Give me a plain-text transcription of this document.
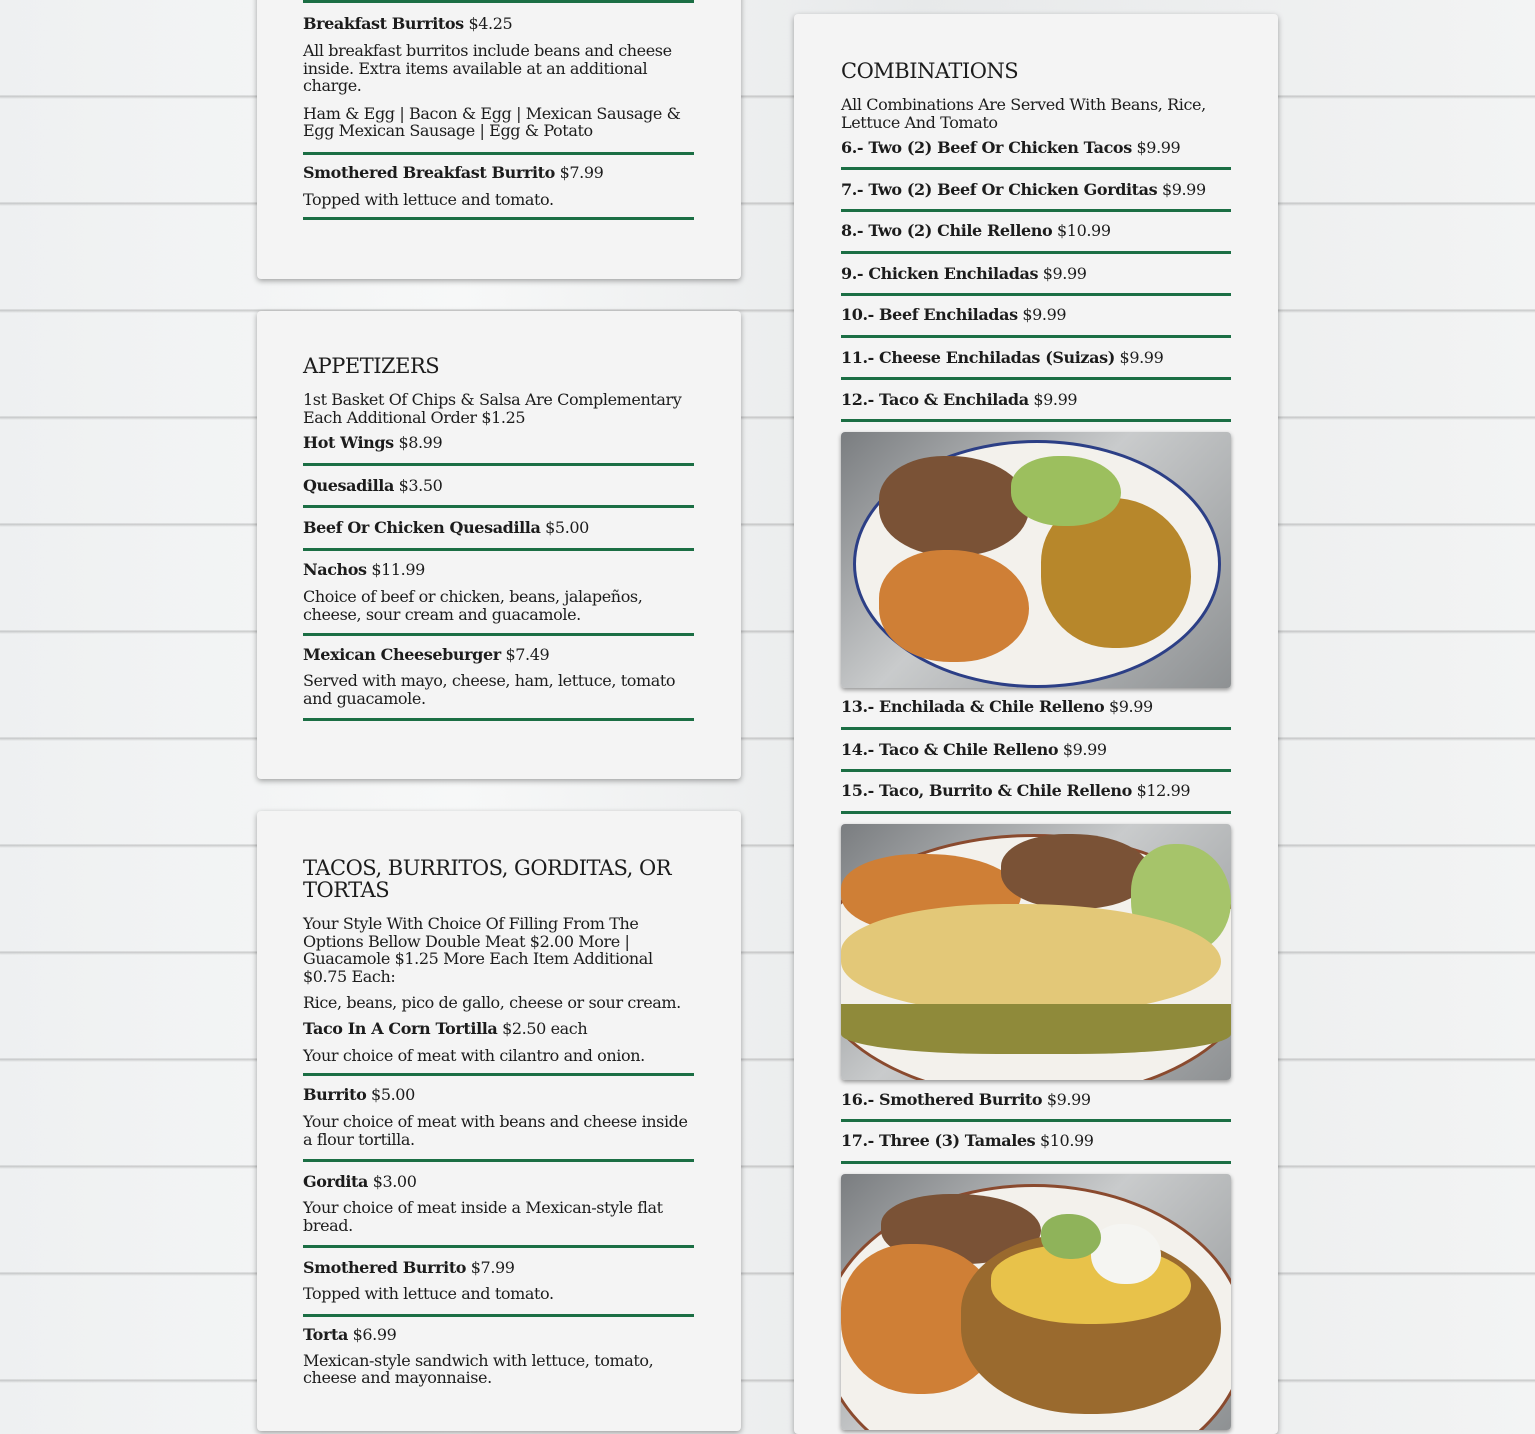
Breakfast Burritos $4.25
All breakfast burritos include beans and cheese inside. Extra items available at an additional charge.
Ham & Egg | Bacon & Egg | Mexican Sausage & Egg Mexican Sausage | Egg & Potato
Smothered Breakfast Burrito $7.99
Topped with lettuce and tomato.
APPETIZERS

1st Basket Of Chips & Salsa Are Complementary Each Additional Order $1.25

Hot Wings $8.99
Quesadilla $3.50
Beef Or Chicken Quesadilla $5.00
Nachos $11.99
Choice of beef or chicken, beans, jalapeños, cheese, sour cream and guacamole.
Mexican Cheeseburger $7.49
Served with mayo, cheese, ham, lettuce, tomato and guacamole.
TACOS, BURRITOS, GORDITAS, OR TORTAS

Your Style With Choice Of Filling From The Options Bellow Double Meat $2.00 More | Guacamole $1.25 More Each Item Additional $0.75 Each:

Rice, beans, pico de gallo, cheese or sour cream.

Taco In A Corn Tortilla $2.50 each
Your choice of meat with cilantro and onion.
Burrito $5.00
Your choice of meat with beans and cheese inside a flour tortilla.
Gordita $3.00
Your choice of meat inside a Mexican-style flat bread.
Smothered Burrito $7.99
Topped with lettuce and tomato.
Torta $6.99
Mexican-style sandwich with lettuce, tomato, cheese and mayonnaise.
COMBINATIONS

All Combinations Are Served With Beans, Rice, Lettuce And Tomato

6.- Two (2) Beef Or Chicken Tacos $9.99
7.- Two (2) Beef Or Chicken Gorditas $9.99
8.- Two (2) Chile Relleno $10.99
9.- Chicken Enchiladas $9.99
10.- Beef Enchiladas $9.99
11.- Cheese Enchiladas (Suizas) $9.99
12.- Taco & Enchilada $9.99
13.- Enchilada & Chile Relleno $9.99
14.- Taco & Chile Relleno $9.99
15.- Taco, Burrito & Chile Relleno $12.99
16.- Smothered Burrito $9.99
17.- Three (3) Tamales $10.99
